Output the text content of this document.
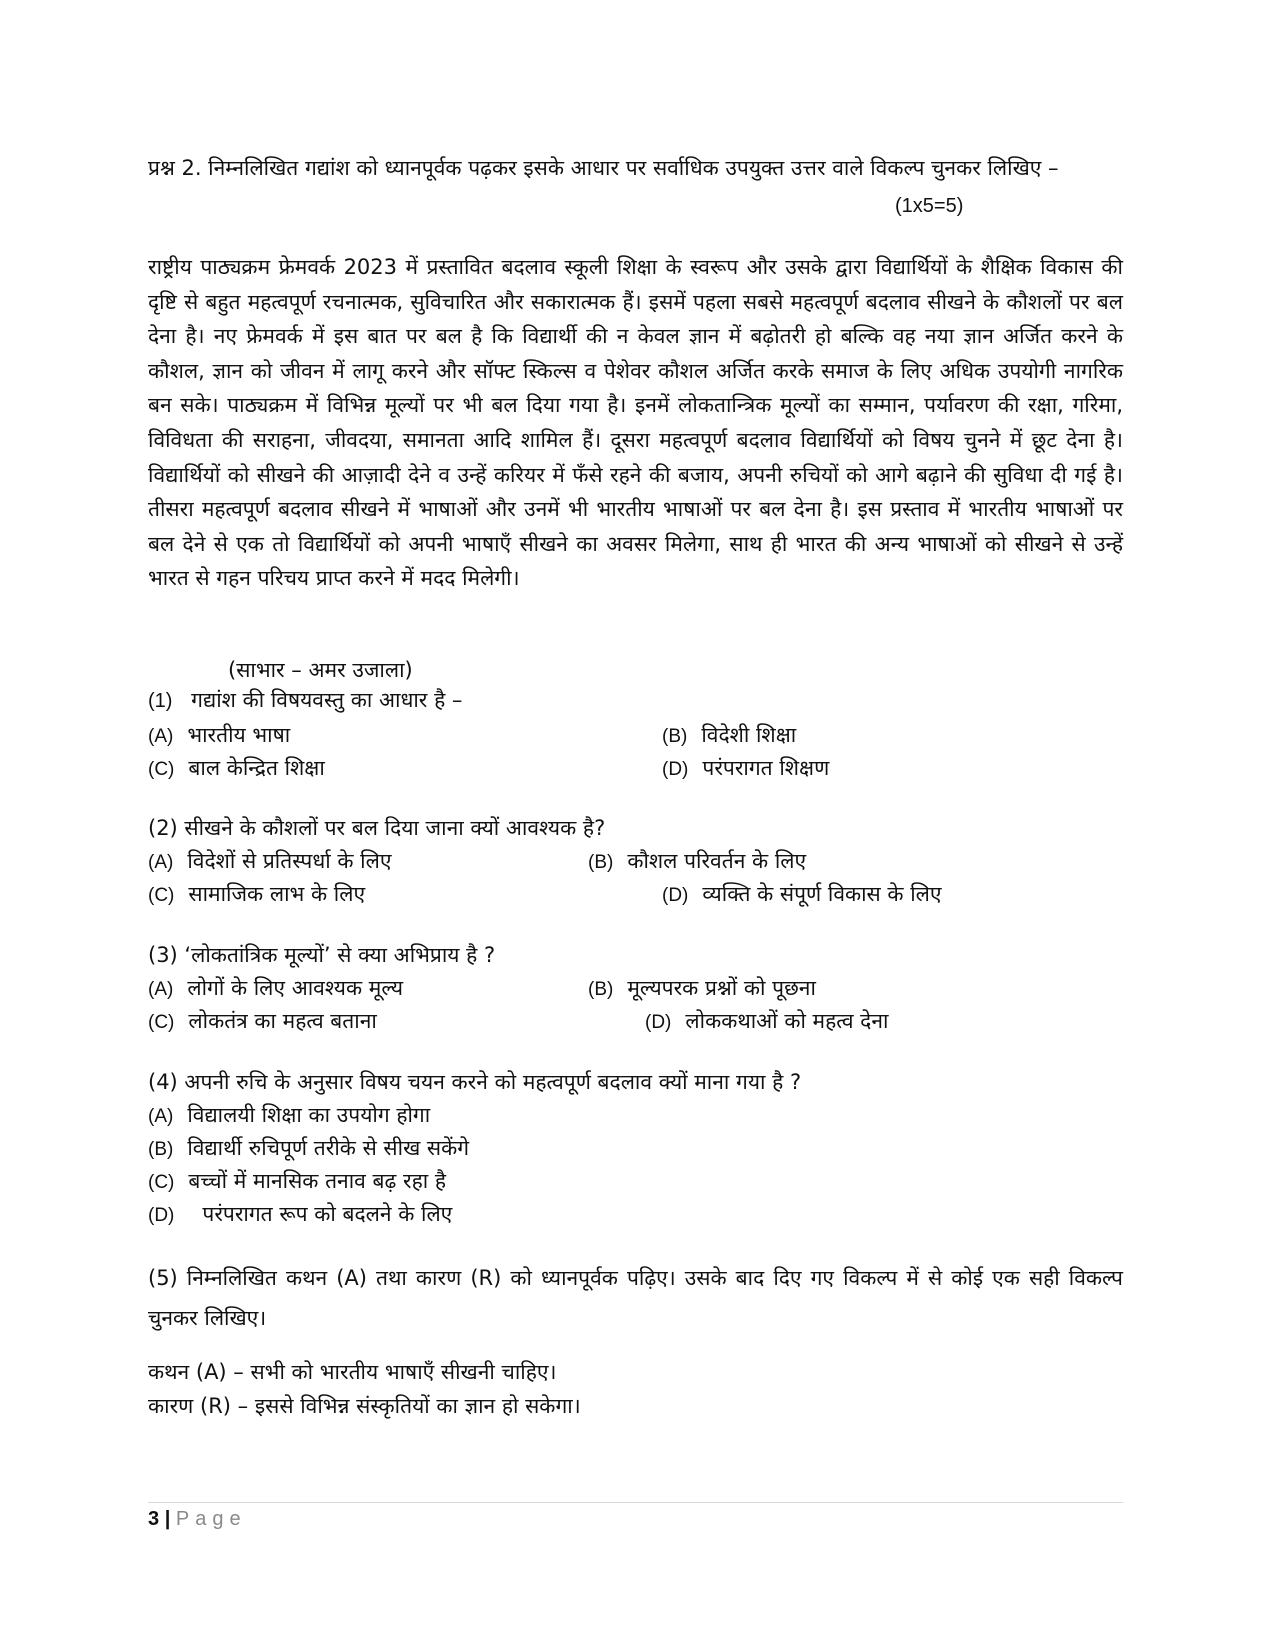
प्रश्न 2. निम्नलिखित गद्यांश को ध्यानपूर्वक पढ़कर इसके आधार पर सर्वाधिक उपयुक्त उत्तर वाले विकल्प चुनकर लिखिए –
(1x5=5)
राष्ट्रीय पाठ्यक्रम फ्रेमवर्क 2023 में प्रस्तावित बदलाव स्कूली शिक्षा के स्वरूप और उसके द्वारा विद्यार्थियों के शैक्षिक विकास की दृष्टि से बहुत महत्वपूर्ण रचनात्मक, सुविचारित और सकारात्मक हैं। इसमें पहला सबसे महत्वपूर्ण बदलाव सीखने के कौशलों पर बल देना है। नए फ्रेमवर्क में इस बात पर बल है कि विद्यार्थी की न केवल ज्ञान में बढ़ोतरी हो बल्कि वह नया ज्ञान अर्जित करने के कौशल, ज्ञान को जीवन में लागू करने और सॉफ्ट स्किल्स व पेशेवर कौशल अर्जित करके समाज के लिए अधिक उपयोगी नागरिक बन सके। पाठ्यक्रम में विभिन्न मूल्यों पर भी बल दिया गया है। इनमें लोकतान्त्रिक मूल्यों का सम्मान, पर्यावरण की रक्षा, गरिमा, विविधता की सराहना, जीवदया, समानता आदि शामिल हैं। दूसरा महत्वपूर्ण बदलाव विद्यार्थियों को विषय चुनने में छूट देना है। विद्यार्थियों को सीखने की आज़ादी देने व उन्हें करियर में फँसे रहने की बजाय, अपनी रुचियों को आगे बढ़ाने की सुविधा दी गई है। तीसरा महत्वपूर्ण बदलाव सीखने में भाषाओं और उनमें भी भारतीय भाषाओं पर बल देना है। इस प्रस्ताव में भारतीय भाषाओं पर बल देने से एक तो विद्यार्थियों को अपनी भाषाएँ सीखने का अवसर मिलेगा, साथ ही भारत की अन्य भाषाओं को सीखने से उन्हें भारत से गहन परिचय प्राप्त करने में मदद मिलेगी।
(साभार – अमर उजाला)
(1) गद्यांश की विषयवस्तु का आधार है –
(A) भारतीय भाषा	(B) विदेशी शिक्षा
(C) बाल केन्द्रित शिक्षा	(D) परंपरागत शिक्षण
(2) सीखने के कौशलों पर बल दिया जाना क्यों आवश्यक है?
(A) विदेशों से प्रतिस्पर्धा के लिए	(B) कौशल परिवर्तन के लिए
(C) सामाजिक लाभ के लिए	(D) व्यक्ति के संपूर्ण विकास के लिए
(3) ‘लोकतांत्रिक मूल्यों’ से क्या अभिप्राय है ?
(A) लोगों के लिए आवश्यक मूल्य	(B) मूल्यपरक प्रश्नों को पूछना
(C) लोकतंत्र का महत्व बताना	(D) लोककथाओं को महत्व देना
(4) अपनी रुचि के अनुसार विषय चयन करने को महत्वपूर्ण बदलाव क्यों माना गया है ?
(A) विद्यालयी शिक्षा का उपयोग होगा
(B) विद्यार्थी रुचिपूर्ण तरीके से सीख सकेंगे
(C) बच्चों में मानसिक तनाव बढ़ रहा है
(D) परंपरागत रूप को बदलने के लिए
(5) निम्नलिखित कथन (A) तथा कारण (R) को ध्यानपूर्वक पढ़िए। उसके बाद दिए गए विकल्प में से कोई एक सही विकल्प चुनकर लिखिए।
कथन (A) – सभी को भारतीय भाषाएँ सीखनी चाहिए।
कारण (R) – इससे विभिन्न संस्कृतियों का ज्ञान हो सकेगा।
3 | Page
